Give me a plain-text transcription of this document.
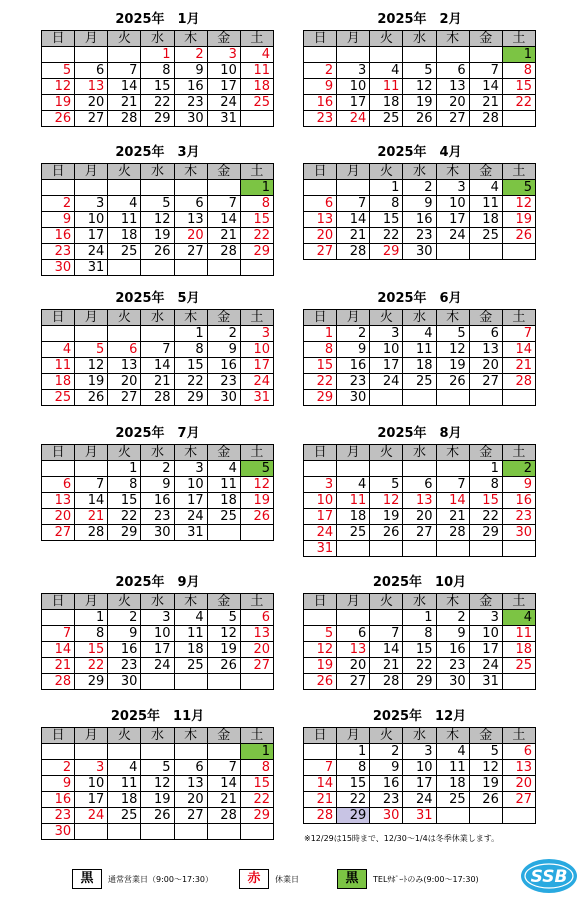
2025年　1月
日	月	火	水	木	金	土
			1	2	3	4
5	6	7	8	9	10	11
12	13	14	15	16	17	18
19	20	21	22	23	24	25
26	27	28	29	30	31	
2025年　2月
日	月	火	水	木	金	土
						1
2	3	4	5	6	7	8
9	10	11	12	13	14	15
16	17	18	19	20	21	22
23	24	25	26	27	28	
2025年　3月
日	月	火	水	木	金	土
						1
2	3	4	5	6	7	8
9	10	11	12	13	14	15
16	17	18	19	20	21	22
23	24	25	26	27	28	29
30	31					
2025年　4月
日	月	火	水	木	金	土
		1	2	3	4	5
6	7	8	9	10	11	12
13	14	15	16	17	18	19
20	21	22	23	24	25	26
27	28	29	30			
2025年　5月
日	月	火	水	木	金	土
				1	2	3
4	5	6	7	8	9	10
11	12	13	14	15	16	17
18	19	20	21	22	23	24
25	26	27	28	29	30	31
2025年　6月
日	月	火	水	木	金	土
1	2	3	4	5	6	7
8	9	10	11	12	13	14
15	16	17	18	19	20	21
22	23	24	25	26	27	28
29	30					
2025年　7月
日	月	火	水	木	金	土
		1	2	3	4	5
6	7	8	9	10	11	12
13	14	15	16	17	18	19
20	21	22	23	24	25	26
27	28	29	30	31		
2025年　8月
日	月	火	水	木	金	土
					1	2
3	4	5	6	7	8	9
10	11	12	13	14	15	16
17	18	19	20	21	22	23
24	25	26	27	28	29	30
31						
2025年　9月
日	月	火	水	木	金	土
	1	2	3	4	5	6
7	8	9	10	11	12	13
14	15	16	17	18	19	20
21	22	23	24	25	26	27
28	29	30				
2025年　10月
日	月	火	水	木	金	土
			1	2	3	4
5	6	7	8	9	10	11
12	13	14	15	16	17	18
19	20	21	22	23	24	25
26	27	28	29	30	31	
2025年　11月
日	月	火	水	木	金	土
						1
2	3	4	5	6	7	8
9	10	11	12	13	14	15
16	17	18	19	20	21	22
23	24	25	26	27	28	29
30						
2025年　12月
日	月	火	水	木	金	土
	1	2	3	4	5	6
7	8	9	10	11	12	13
14	15	16	17	18	19	20
21	22	23	24	25	26	27
28	29	30	31			
※12/29は15時まで、12/30～1/4は冬季休業します。
黒	通常営業日（9:00～17:30）	赤	休業日	黒	TELｻﾎﾟｰﾄのみ(9:00～17:30)	SSB
